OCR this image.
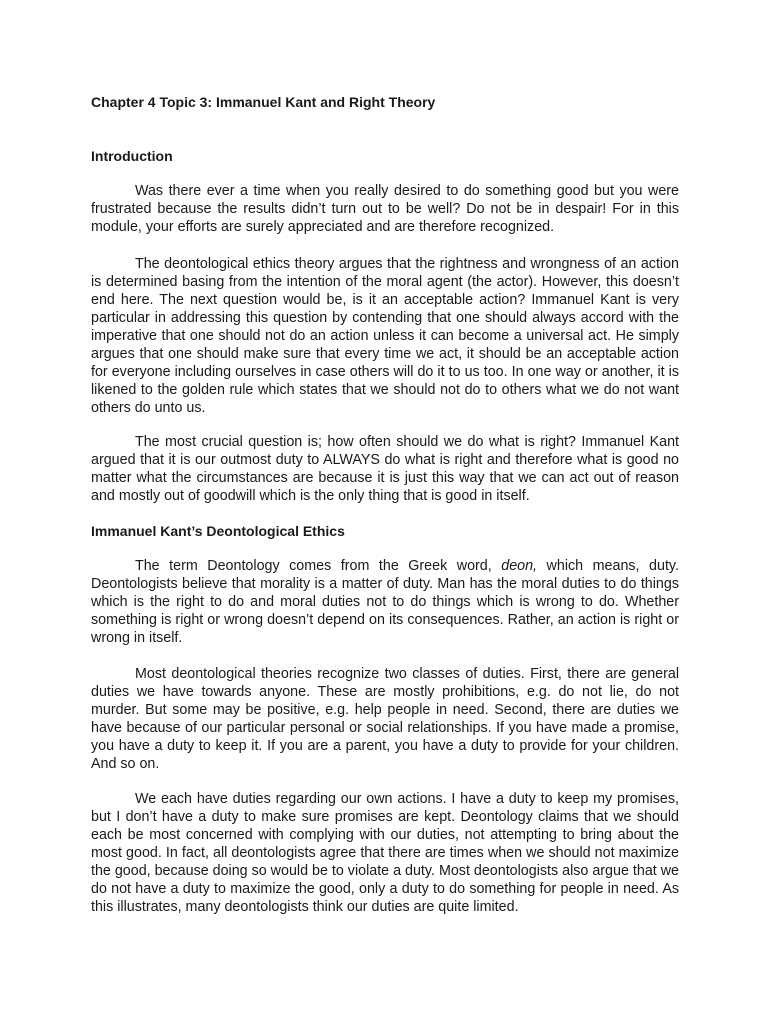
Chapter 4 Topic 3: Immanuel Kant and Right Theory
Introduction

Was there ever a time when you really desired to do something good but you were frustrated because the results didn’t turn out to be well? Do not be in despair! For in this module, your efforts are surely appreciated and are therefore recognized.

The deontological ethics theory argues that the rightness and wrongness of an action is determined basing from the intention of the moral agent (the actor). However, this doesn’t end here. The next question would be, is it an acceptable action? Immanuel Kant is very particular in addressing this question by contending that one should always accord with the imperative that one should not do an action unless it can become a universal act. He simply argues that one should make sure that every time we act, it should be an acceptable action for everyone including ourselves in case others will do it to us too. In one way or another, it is likened to the golden rule which states that we should not do to others what we do not want others do unto us.

The most crucial question is; how often should we do what is right? Immanuel Kant argued that it is our outmost duty to ALWAYS do what is right and therefore what is good no matter what the circumstances are because it is just this way that we can act out of reason and mostly out of goodwill which is the only thing that is good in itself.

Immanuel Kant’s Deontological Ethics

The term Deontology comes from the Greek word, deon, which means, duty. Deontologists believe that morality is a matter of duty. Man has the moral duties to do things which is the right to do and moral duties not to do things which is wrong to do. Whether something is right or wrong doesn’t depend on its consequences. Rather, an action is right or wrong in itself.

Most deontological theories recognize two classes of duties. First, there are general duties we have towards anyone. These are mostly prohibitions, e.g. do not lie, do not murder. But some may be positive, e.g. help people in need. Second, there are duties we have because of our particular personal or social relationships. If you have made a promise, you have a duty to keep it. If you are a parent, you have a duty to provide for your children. And so on.

We each have duties regarding our own actions. I have a duty to keep my promises, but I don’t have a duty to make sure promises are kept. Deontology claims that we should each be most concerned with complying with our duties, not attempting to bring about the most good. In fact, all deontologists agree that there are times when we should not maximize the good, because doing so would be to violate a duty. Most deontologists also argue that we do not have a duty to maximize the good, only a duty to do something for people in need. As this illustrates, many deontologists think our duties are quite limited.
